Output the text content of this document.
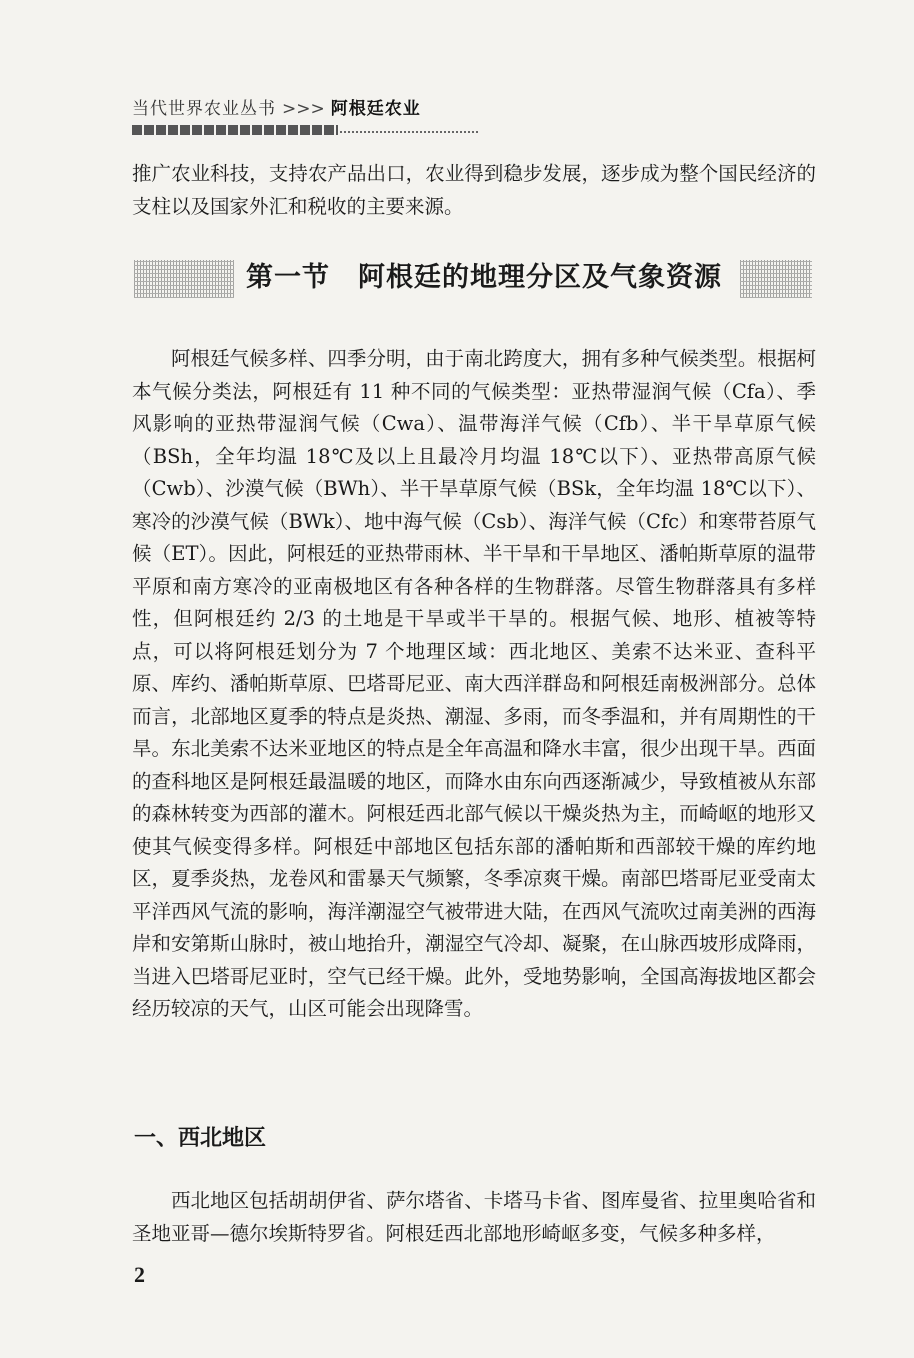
当代世界农业丛书 >>> 阿根廷农业

推广农业科技，支持农产品出口，农业得到稳步发展，逐步成为整个国民经济的支柱以及国家外汇和税收的主要来源。

第一节 阿根廷的地理分区及气象资源

阿根廷气候多样、四季分明，由于南北跨度大，拥有多种气候类型。根据柯本气候分类法，阿根廷有 11 种不同的气候类型：亚热带湿润气候（Cfa）、季风影响的亚热带湿润气候（Cwa）、温带海洋气候（Cfb）、半干旱草原气候（BSh，全年均温 18℃及以上且最冷月均温 18℃以下）、亚热带高原气候（Cwb）、沙漠气候（BWh）、半干旱草原气候（BSk，全年均温 18℃以下）、寒冷的沙漠气候（BWk）、地中海气候（Csb）、海洋气候（Cfc）和寒带苔原气候（ET）。因此，阿根廷的亚热带雨林、半干旱和干旱地区、潘帕斯草原的温带平原和南方寒冷的亚南极地区有各种各样的生物群落。尽管生物群落具有多样性，但阿根廷约 2/3 的土地是干旱或半干旱的。根据气候、地形、植被等特点，可以将阿根廷划分为 7 个地理区域：西北地区、美索不达米亚、查科平原、库约、潘帕斯草原、巴塔哥尼亚、南大西洋群岛和阿根廷南极洲部分。总体而言，北部地区夏季的特点是炎热、潮湿、多雨，而冬季温和，并有周期性的干旱。东北美索不达米亚地区的特点是全年高温和降水丰富，很少出现干旱。西面的查科地区是阿根廷最温暖的地区，而降水由东向西逐渐减少，导致植被从东部的森林转变为西部的灌木。阿根廷西北部气候以干燥炎热为主，而崎岖的地形又使其气候变得多样。阿根廷中部地区包括东部的潘帕斯和西部较干燥的库约地区，夏季炎热，龙卷风和雷暴天气频繁，冬季凉爽干燥。南部巴塔哥尼亚受南太平洋西风气流的影响，海洋潮湿空气被带进大陆，在西风气流吹过南美洲的西海岸和安第斯山脉时，被山地抬升，潮湿空气冷却、凝聚，在山脉西坡形成降雨，当进入巴塔哥尼亚时，空气已经干燥。此外，受地势影响，全国高海拔地区都会经历较凉的天气，山区可能会出现降雪。

一、西北地区

西北地区包括胡胡伊省、萨尔塔省、卡塔马卡省、图库曼省、拉里奥哈省和圣地亚哥—德尔埃斯特罗省。阿根廷西北部地形崎岖多变，气候多种多样，

2
